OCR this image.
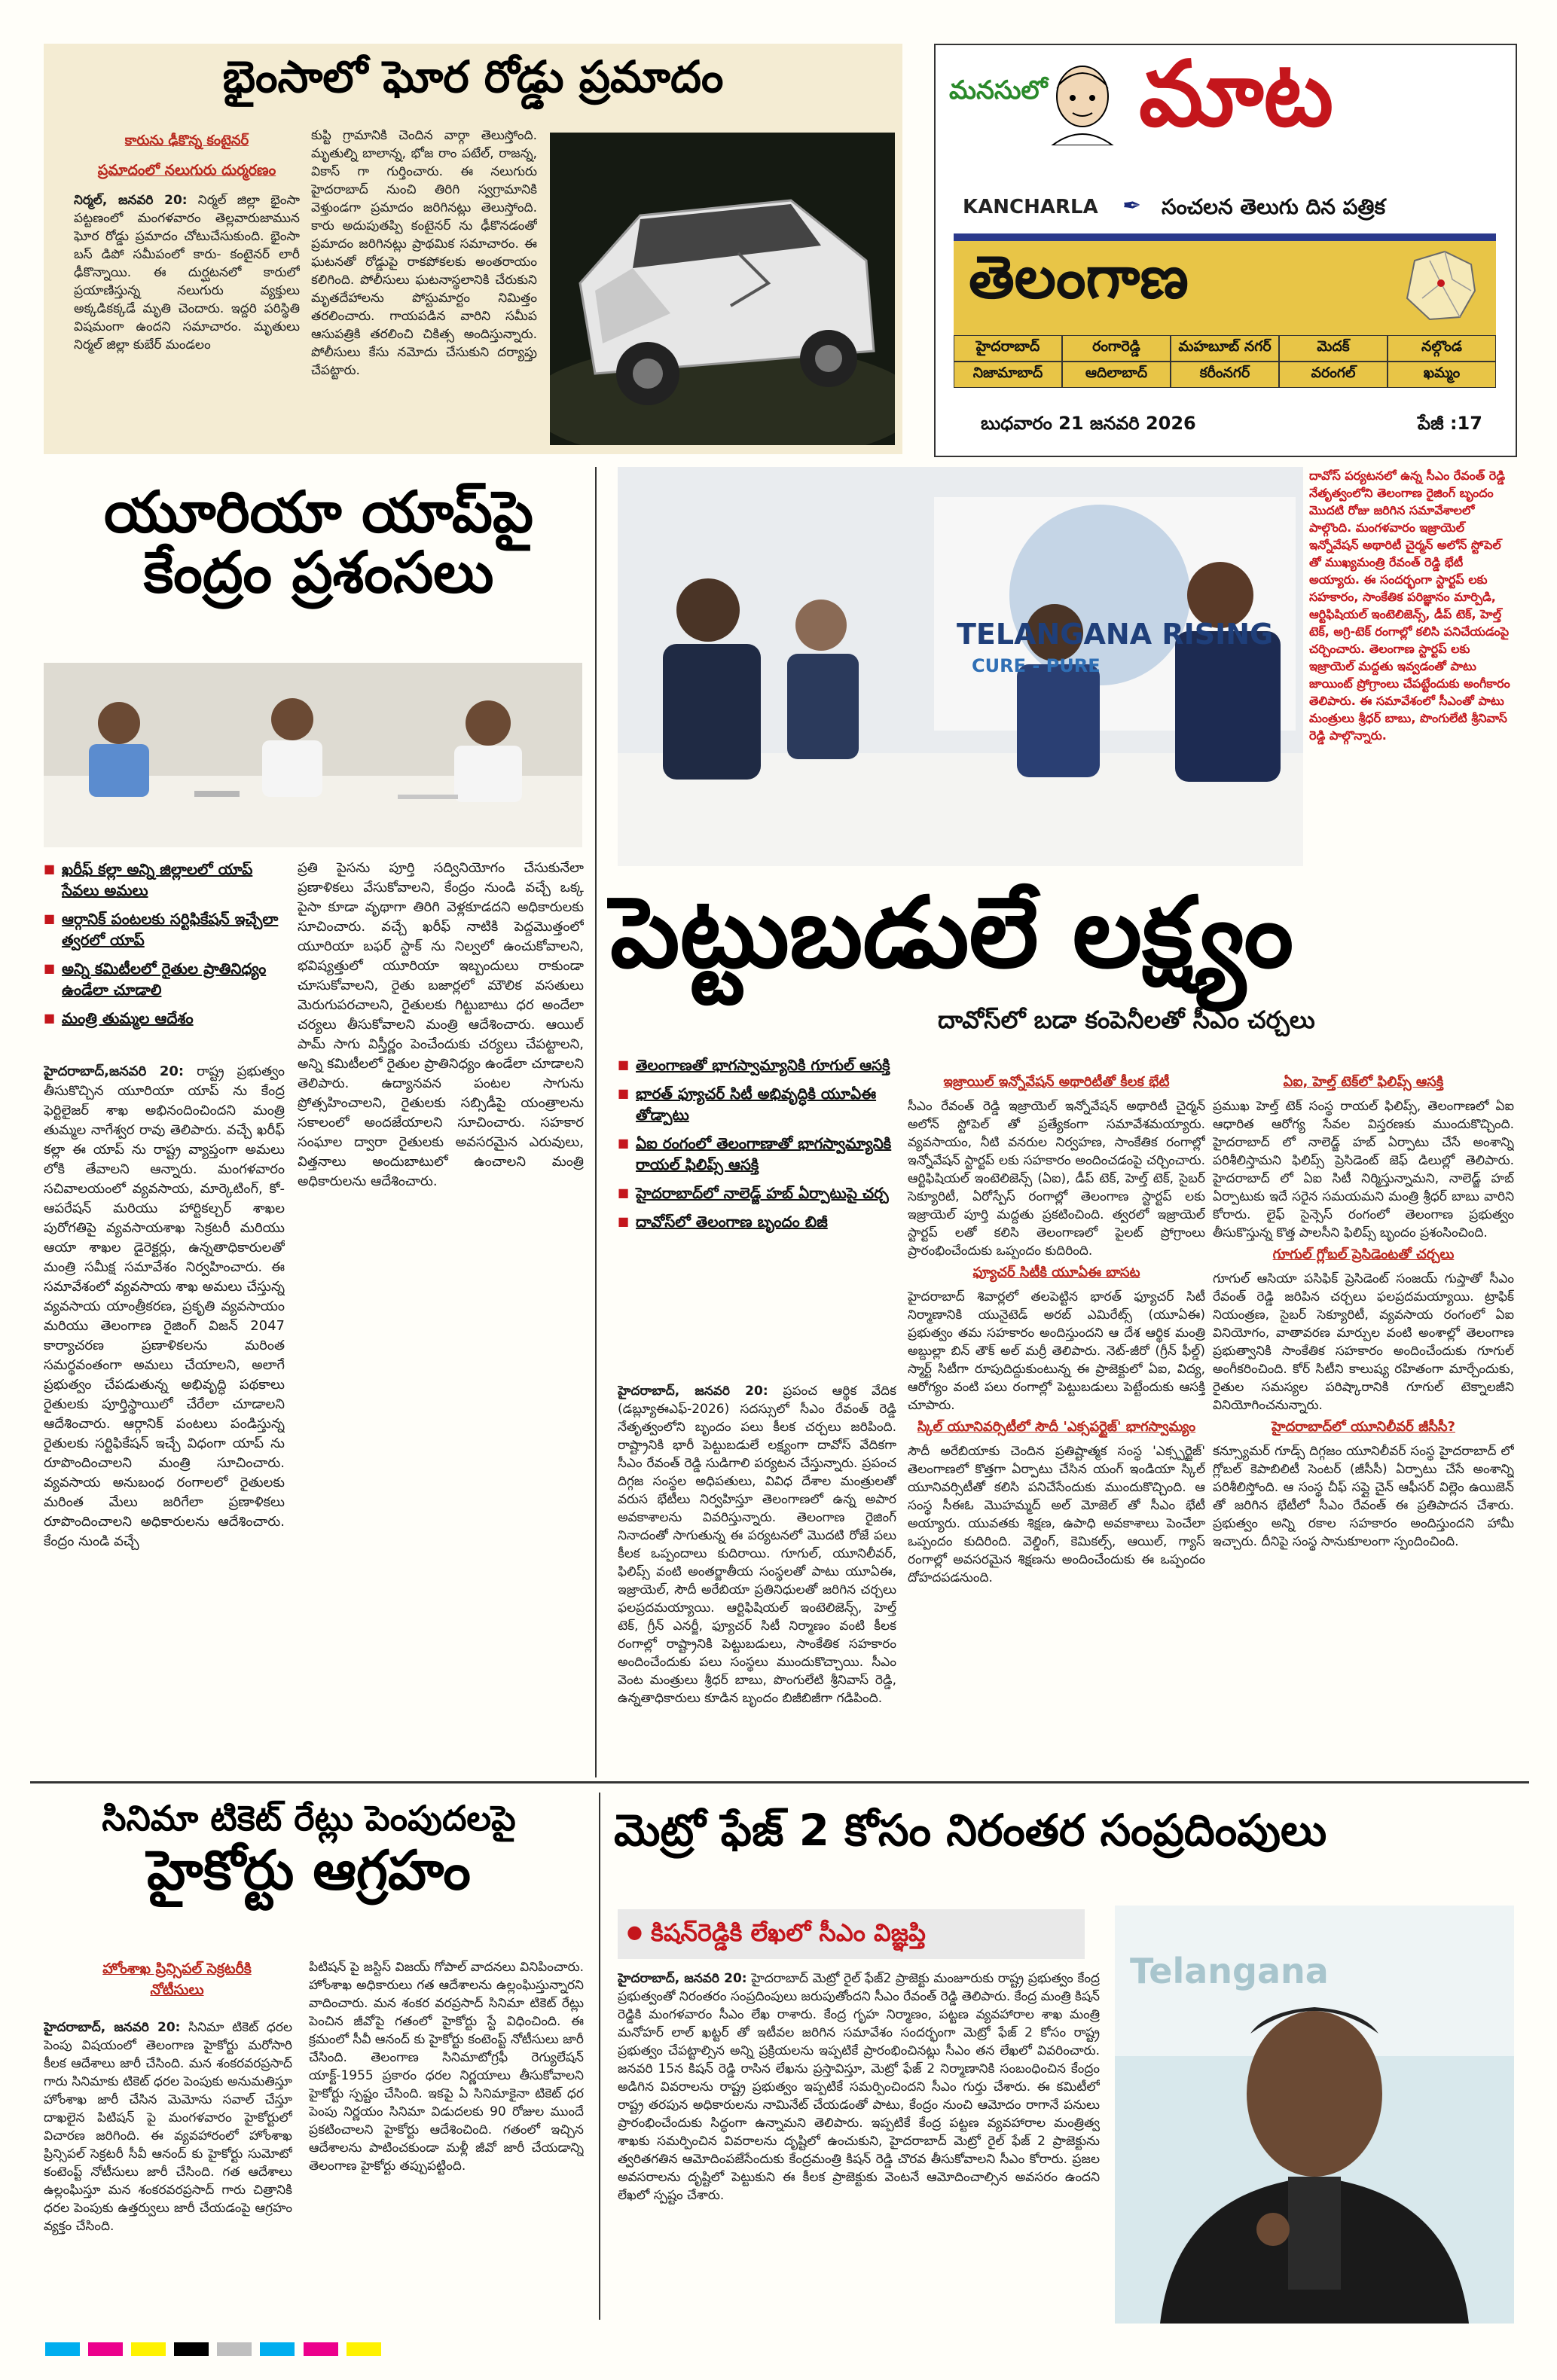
భైంసాలో ఘోర రోడ్డు ప్రమాదం
కారును ఢీకొన్న కంటైనర్
ప్రమాదంలో నలుగురు దుర్మరణం
నిర్మల్, జనవరి 20: నిర్మల్ జిల్లా భైంసా పట్టణంలో మంగళవారం తెల్లవారుజామున ఘోర రోడ్డు ప్రమాదం చోటుచేసుకుంది. భైంసా బస్ డిపో సమీపంలో కారు- కంటైనర్ లారీ ఢీకొన్నాయి. ఈ దుర్ఘటనలో కారులో ప్రయాణిస్తున్న నలుగురు వ్యక్తులు అక్కడికక్కడే మృతి చెందారు. ఇద్దరి పరిస్థితి విషమంగా ఉందని సమాచారం. మృతులు నిర్మల్ జిల్లా కుబేర్ మండలం
కుప్టి గ్రామానికి చెందిన వార్గా తెలుస్తోంది. మృతుల్ని బాలాన్న, భోజ రాం పటేల్, రాజన్న, వికాస్ గా గుర్తించారు. ఈ నలుగురు హైదరాబాద్ నుంచి తిరిగి స్వగ్రామానికి వెళ్తుండగా ప్రమాదం జరిగినట్లు తెలుస్తోంది. కారు అదుపుతప్పి కంటైనర్ ను ఢీకొనడంతో ప్రమాదం జరిగినట్లు ప్రాథమిక సమాచారం. ఈ ఘటనతో రోడ్డుపై రాకపోకలకు అంతరాయం కలిగింది. పోలీసులు ఘటనాస్థలానికి చేరుకుని మృతదేహాలను పోస్టుమార్టం నిమిత్తం తరలించారు. గాయపడిన వారిని సమీప ఆసుపత్రికి తరలించి చికిత్స అందిస్తున్నారు. పోలీసులు కేసు నమోదు చేసుకుని దర్యాప్తు చేపట్టారు.
మనసులో మాట
KANCHARLA	సంచలన తెలుగు దిన పత్రిక
✒
తెలంగాణ
హైదరాబాద్	రంగారెడ్డి	మహబూబ్ నగర్	మెదక్	నల్గొండ
నిజామాబాద్	ఆదిలాబాద్	కరీంనగర్	వరంగల్	ఖమ్మం
బుధవారం 21 జనవరి 2026	పేజీ :17
యూరియా యాప్‌పై
కేంద్రం ప్రశంసలు
■ ఖరీఫ్ కల్లా అన్ని జిల్లాలలో యాప్ సేవలు అమలు
■ ఆర్గానిక్ పంటలకు సర్టిఫికేషన్ ఇచ్చేలా త్వరలో యాప్
■ అన్ని కమిటీలలో రైతుల ప్రాతినిధ్యం ఉండేలా చూడాలి
■ మంత్రి తుమ్మల ఆదేశం
హైదరాబాద్,జనవరి 20: రాష్ట్ర ప్రభుత్వం తీసుకొచ్చిన యూరియా యాప్ ను కేంద్ర ఫెర్టిలైజర్ శాఖ అభినందించిందని మంత్రి తుమ్మల నాగేశ్వర రావు తెలిపారు. వచ్చే ఖరీఫ్ కల్లా ఈ యాప్ ను రాష్ట్ర వ్యాప్తంగా అమలు లోకి తేవాలని ఆన్నారు. మంగళవారం సచివాలయంలో వ్యవసాయ, మార్కెటింగ్, కో-ఆపరేషన్ మరియు హార్టికల్చర్ శాఖల పురోగతిపై వ్యవసాయశాఖ సెక్రటరీ మరియు ఆయా శాఖల డైరెక్టర్లు, ఉన్నతాధికారులతో మంత్రి సమీక్ష సమావేశం నిర్వహించారు. ఈ సమావేశంలో వ్యవసాయ శాఖ అమలు చేస్తున్న వ్యవసాయ యాంత్రీకరణ, ప్రకృతి వ్యవసాయం మరియు తెలంగాణ రైజింగ్ విజన్ 2047 కార్యాచరణ ప్రణాళికలను మరింత సమర్థవంతంగా అమలు చేయాలని, అలాగే ప్రభుత్వం చేపడుతున్న అభివృద్ధి పథకాలు రైతులకు పూర్తిస్థాయిలో చేరేలా చూడాలని ఆదేశించారు. ఆర్గానిక్ పంటలు పండిస్తున్న రైతులకు సర్టిఫికేషన్ ఇచ్చే విధంగా యాప్ ను రూపొందించాలని మంత్రి సూచించారు. వ్యవసాయ అనుబంధ రంగాలలో రైతులకు మరింత మేలు జరిగేలా ప్రణాళికలు రూపొందించాలని అధికారులను ఆదేశించారు. కేంద్రం నుండి వచ్చే
ప్రతి పైసను పూర్తి సద్వినియోగం చేసుకునేలా ప్రణాళికలు వేసుకోవాలని, కేంద్రం నుండి వచ్చే ఒక్క పైసా కూడా వృథాగా తిరిగి వెళ్లకూడదని అధికారులకు సూచించారు. వచ్చే ఖరీఫ్ నాటికి పెద్దమొత్తంలో యూరియా బఫర్ స్టాక్ ను నిల్వలో ఉంచుకోవాలని, భవిష్యత్తులో యూరియా ఇబ్బందులు రాకుండా చూసుకోవాలని, రైతు బజార్లలో మౌలిక వసతులు మెరుగుపరచాలని, రైతులకు గిట్టుబాటు ధర అందేలా చర్యలు తీసుకోవాలని మంత్రి ఆదేశించారు. ఆయిల్ పామ్ సాగు విస్తీర్ణం పెంచేందుకు చర్యలు చేపట్టాలని, అన్ని కమిటీలలో రైతుల ప్రాతినిధ్యం ఉండేలా చూడాలని తెలిపారు. ఉద్యానవన పంటల సాగును ప్రోత్సహించాలని, రైతులకు సబ్సిడీపై యంత్రాలను సకాలంలో అందజేయాలని సూచించారు. సహకార సంఘాల ద్వారా రైతులకు అవసరమైన ఎరువులు, విత్తనాలు అందుబాటులో ఉంచాలని మంత్రి అధికారులను ఆదేశించారు.
TELANGANA RISING
CURE - PURE
దావోస్ పర్యటనలో ఉన్న సీఎం రేవంత్ రెడ్డి నేతృత్వంలోని తెలంగాణ రైజింగ్ బృందం మొదటి రోజు జరిగిన సమావేశాలలో పాల్గొంది. మంగళవారం ఇజ్రాయెల్ ఇన్నోవేషన్ అథారిటీ చైర్మన్ అలోన్ స్టోపెల్ తో ముఖ్యమంత్రి రేవంత్ రెడ్డి భేటీ అయ్యారు. ఈ సందర్భంగా స్టార్టప్ లకు సహకారం, సాంకేతిక పరిజ్ఞానం మార్పిడి, ఆర్టిఫిషియల్ ఇంటెలిజెన్స్, డీప్ టెక్, హెల్త్ టెక్, అగ్రి-టెక్ రంగాల్లో కలిసి పనిచేయడంపై చర్చించారు. తెలంగాణ స్టార్టప్ లకు ఇజ్రాయెల్ మద్దతు ఇవ్వడంతో పాటు జాయింట్ ప్రోగ్రాంలు చేపట్టేందుకు అంగీకారం తెలిపారు. ఈ సమావేశంలో సీఎంతో పాటు మంత్రులు శ్రీధర్ బాబు, పొంగులేటి శ్రీనివాస్ రెడ్డి పాల్గొన్నారు.
పెట్టుబడులే లక్ష్యం
దావోస్‌లో బడా కంపెనీలతో సీఎం చర్చలు
■ తెలంగాణతో భాగస్వామ్యానికి గూగుల్ ఆసక్తి
■ భారత్ ఫ్యూచర్ సిటీ అభివృద్ధికి యూఏఈ తోడ్పాటు
■ ఏఐ రంగంలో తెలంగాణాతో భాగస్వామ్యానికి రాయల్ ఫిలిప్స్ ఆసక్తి
■ హైదరాబాద్‌లో నాలెడ్జ్ హబ్ ఏర్పాటుపై చర్చ
■ దావోస్‌లో తెలంగాణ బృందం బిజీ
హైదరాబాద్, జనవరి 20: ప్రపంచ ఆర్థిక వేదిక (డబ్ల్యూఈఎఫ్-2026) సదస్సులో సీఎం రేవంత్ రెడ్డి నేతృత్వంలోని బృందం పలు కీలక చర్చలు జరిపింది. రాష్ట్రానికి భారీ పెట్టుబడులే లక్ష్యంగా దావోస్ వేదికగా సీఎం రేవంత్ రెడ్డి సుడిగాలి పర్యటన చేస్తున్నారు. ప్రపంచ దిగ్గజ సంస్థల అధిపతులు, వివిధ దేశాల మంత్రులతో వరుస భేటీలు నిర్వహిస్తూ తెలంగాణలో ఉన్న అపార అవకాశాలను వివరిస్తున్నారు. తెలంగాణ రైజింగ్ నినాదంతో సాగుతున్న ఈ పర్యటనలో మొదటి రోజే పలు కీలక ఒప్పందాలు కుదిరాయి. గూగుల్, యూనిలీవర్, ఫిలిప్స్ వంటి అంతర్జాతీయ సంస్థలతో పాటు యూఏఈ, ఇజ్రాయెల్, సౌదీ అరేబియా ప్రతినిధులతో జరిగిన చర్చలు ఫలప్రదమయ్యాయి. ఆర్టిఫిషియల్ ఇంటెలిజెన్స్, హెల్త్ టెక్, గ్రీన్ ఎనర్జీ, ఫ్యూచర్ సిటీ నిర్మాణం వంటి కీలక రంగాల్లో రాష్ట్రానికి పెట్టుబడులు, సాంకేతిక సహకారం అందించేందుకు పలు సంస్థలు ముందుకొచ్చాయి. సీఎం వెంట మంత్రులు శ్రీధర్ బాబు, పొంగులేటి శ్రీనివాస్ రెడ్డి, ఉన్నతాధికారులు కూడిన బృందం బిజీబిజీగా గడిపింది.
ఇజ్రాయిల్ ఇన్నోవేషన్ అథారిటీతో కీలక భేటీ
సీఎం రేవంత్ రెడ్డి ఇజ్రాయెల్ ఇన్నోవేషన్ అథారిటీ చైర్మన్ అలోన్ స్టోపెల్ తో ప్రత్యేకంగా సమావేశమయ్యారు. వ్యవసాయం, నీటి వనరుల నిర్వహణ, సాంకేతిక రంగాల్లో ఇన్నోవేషన్ స్టార్టప్ లకు సహకారం అందించడంపై చర్చించారు. ఆర్టిఫిషియల్ ఇంటెలిజెన్స్ (ఏఐ), డీప్ టెక్, హెల్త్ టెక్, సైబర్ సెక్యూరిటీ, ఏరోస్పేస్ రంగాల్లో తెలంగాణ స్టార్టప్ లకు ఇజ్రాయెల్ పూర్తి మద్దతు ప్రకటించింది. త్వరలో ఇజ్రాయెల్ స్టార్టప్ లతో కలిసి తెలంగాణలో పైలట్ ప్రోగ్రాంలు ప్రారంభించేందుకు ఒప్పందం కుదిరింది.
ఫ్యూచర్ సిటీకి యూఏఈ బాసట
హైదరాబాద్ శివార్లలో తలపెట్టిన భారత్ ఫ్యూచర్ సిటీ నిర్మాణానికి యునైటెడ్ అరబ్ ఎమిరేట్స్ (యూఏఈ) ప్రభుత్వం తమ సహకారం అందిస్తుందని ఆ దేశ ఆర్థిక మంత్రి అబ్దుల్లా బిన్ తౌక్ అల్ మర్రీ తెలిపారు. నెట్-జీరో (గ్రీన్ ఫీల్డ్) స్మార్ట్ సిటీగా రూపుదిద్దుకుంటున్న ఈ ప్రాజెక్టులో ఏఐ, విద్య, ఆరోగ్యం వంటి పలు రంగాల్లో పెట్టుబడులు పెట్టేందుకు ఆసక్తి చూపారు.
స్కిల్ యూనివర్సిటీలో సౌదీ 'ఎక్సపర్టైజ్' భాగస్వామ్యం
సౌదీ అరేబియాకు చెందిన ప్రతిష్టాత్మక సంస్థ 'ఎక్స్పర్టైజ్' తెలంగాణలో కొత్తగా ఏర్పాటు చేసిన యంగ్ ఇండియా స్కిల్ యూనివర్సిటీతో కలిసి పనిచేసేందుకు ముందుకొచ్చింది. ఆ సంస్థ సీఈఓ మొహమ్మద్ అల్ మోజెల్ తో సీఎం భేటీ అయ్యారు. యువతకు శిక్షణ, ఉపాధి అవకాశాలు పెంచేలా ఒప్పందం కుదిరింది. వెల్డింగ్, కెమికల్స్, ఆయిల్, గ్యాస్ రంగాల్లో అవసరమైన శిక్షణను అందించేందుకు ఈ ఒప్పందం దోహదపడనుంది.
ఏఐ, హెల్త్ టెక్‌లో ఫిలిప్స్ ఆసక్తి
ప్రముఖ హెల్త్ టెక్ సంస్థ రాయల్ ఫిలిప్స్, తెలంగాణలో ఏఐ ఆధారిత ఆరోగ్య సేవల విస్తరణకు ముందుకొచ్చింది. హైదరాబాద్ లో నాలెడ్జ్ హబ్ ఏర్పాటు చేసే అంశాన్ని పరిశీలిస్తామని ఫిలిప్స్ ప్రెసిడెంట్ జెఫ్ డిలుల్లో తెలిపారు. హైదరాబాద్ లో ఏఐ సిటీ నిర్మిస్తున్నామని, నాలెడ్జ్ హబ్ ఏర్పాటుకు ఇదే సరైన సమయమని మంత్రి శ్రీధర్ బాబు వారిని కోరారు. లైఫ్ సైన్సెస్ రంగంలో తెలంగాణ ప్రభుత్వం తీసుకొస్తున్న కొత్త పాలసీని ఫిలిప్స్ బృందం ప్రశంసించింది.
గూగుల్ గ్లోబల్ ప్రెసిడెంటతో చర్చలు
గూగుల్ ఆసియా పసిఫిక్ ప్రెసిడెంట్ సంజయ్ గుప్తాతో సీఎం రేవంత్ రెడ్డి జరిపిన చర్చలు ఫలప్రదమయ్యాయి. ట్రాఫిక్ నియంత్రణ, సైబర్ సెక్యూరిటీ, వ్యవసాయ రంగంలో ఏఐ వినియోగం, వాతావరణ మార్పుల వంటి అంశాల్లో తెలంగాణ ప్రభుత్వానికి సాంకేతిక సహకారం అందించేందుకు గూగుల్ అంగీకరించింది. కోర్ సిటీని కాలుష్య రహితంగా మార్చేందుకు, రైతుల సమస్యల పరిష్కారానికి గూగుల్ టెక్నాలజీని వినియోగించనున్నారు.
హైదరాబాద్‌లో యూనిలీవర్ జీసీసీ?
కన్స్యూమర్ గూడ్స్ దిగ్గజం యూనిలీవర్ సంస్థ హైదరాబాద్ లో గ్లోబల్ కెపాబిలిటీ సెంటర్ (జీసీసీ) ఏర్పాటు చేసే అంశాన్ని పరిశీలిస్తోంది. ఆ సంస్థ చీఫ్ సప్లై చైన్ ఆఫీసర్ విల్లెం ఉయిజెన్ తో జరిగిన భేటీలో సీఎం రేవంత్ ఈ ప్రతిపాదన చేశారు. ప్రభుత్వం అన్ని రకాల సహకారం అందిస్తుందని హామీ ఇచ్చారు. దీనిపై సంస్థ సానుకూలంగా స్పందించింది.
సినిమా టికెట్ రేట్లు పెంపుదలపై
హైకోర్టు ఆగ్రహం
హోంశాఖ ప్రిన్సిపల్ సెక్రటరీకి నోటీసులు
హైదరాబాద్, జనవరి 20: సినిమా టికెట్ ధరల పెంపు విషయంలో తెలంగాణ హైకోర్టు మరోసారి కీలక ఆదేశాలు జారీ చేసింది. మన శంకరవరప్రసాద్ గారు సినిమాకు టికెట్ ధరల పెంపుకు అనుమతిస్తూ హోంశాఖ జారీ చేసిన మెమోను సవాల్ చేస్తూ దాఖలైన పిటిషన్ పై మంగళవారం హైకోర్టులో విచారణ జరిగింది. ఈ వ్యవహారంలో హోంశాఖ ప్రిన్సిపల్ సెక్రటరీ సీవీ ఆనంద్ కు హైకోర్టు సుమోటో కంటెంప్ట్ నోటీసులు జారీ చేసింది. గత ఆదేశాలు ఉల్లంఘిస్తూ మన శంకరవరప్రసాద్ గారు చిత్రానికి ధరల పెంపుకు ఉత్తర్వులు జారీ చేయడంపై ఆగ్రహం వ్యక్తం చేసింది.
పిటిషన్ పై జస్టిస్ విజయ్ గోపాల్ వాదనలు వినిపించారు. హోంశాఖ అధికారులు గత ఆదేశాలను ఉల్లంఘిస్తున్నారని వాదించారు. మన శంకర వరప్రసాద్ సినిమా టికెట్ రేట్లు పెంచిన జీవోపై గతంలో హైకోర్టు స్టే విధించింది. ఈ క్రమంలో సీవీ ఆనంద్ కు హైకోర్టు కంటెంప్ట్ నోటీసులు జారీ చేసింది. తెలంగాణ సినిమాటోగ్రఫీ రెగ్యులేషన్ యాక్ట్-1955 ప్రకారం ధరల నిర్ణయాలు తీసుకోవాలని హైకోర్టు స్పష్టం చేసింది. ఇకపై ఏ సినిమాకైనా టికెట్ ధర పెంపు నిర్ణయం సినిమా విడుదలకు 90 రోజుల ముందే ప్రకటించాలని హైకోర్టు ఆదేశించింది. గతంలో ఇచ్చిన ఆదేశాలను పాటించకుండా మళ్లీ జీవో జారీ చేయడాన్ని తెలంగాణ హైకోర్టు తప్పుపట్టింది.
మెట్రో ఫేజ్ 2 కోసం నిరంతర సంప్రదింపులు
● కిషన్‌రెడ్డికి లేఖలో సీఎం విజ్ఞప్తి
హైదరాబాద్, జనవరి 20: హైదరాబాద్ మెట్రో రైల్ ఫేజ్2 ప్రాజెక్టు మంజూరుకు రాష్ట్ర ప్రభుత్వం కేంద్ర ప్రభుత్వంతో నిరంతరం సంప్రదింపులు జరుపుతోందని సీఎం రేవంత్ రెడ్డి తెలిపారు. కేంద్ర మంత్రి కిషన్ రెడ్డికి మంగళవారం సీఎం లేఖ రాశారు. కేంద్ర గృహ నిర్మాణం, పట్టణ వ్యవహారాల శాఖ మంత్రి మనోహర్ లాల్ ఖట్టర్ తో ఇటీవల జరిగిన సమావేశం సందర్భంగా మెట్రో ఫేజ్ 2 కోసం రాష్ట్ర ప్రభుత్వం చేపట్టాల్సిన అన్ని ప్రక్రియలను ఇప్పటికే ప్రారంభించినట్లు సీఎం తన లేఖలో వివరించారు. జనవరి 15న కిషన్ రెడ్డి రాసిన లేఖను ప్రస్తావిస్తూ, మెట్రో ఫేజ్ 2 నిర్మాణానికి సంబంధించిన కేంద్రం అడిగిన వివరాలను రాష్ట్ర ప్రభుత్వం ఇప్పటికే సమర్పించిందని సీఎం గుర్తు చేశారు. ఈ కమిటీలో రాష్ట్ర తరపున అధికారులను నామినేట్ చేయడంతో పాటు, కేంద్రం నుంచి ఆమోదం రాగానే పనులు ప్రారంభించేందుకు సిద్ధంగా ఉన్నామని తెలిపారు. ఇప్పటికే కేంద్ర పట్టణ వ్యవహారాల మంత్రిత్వ శాఖకు సమర్పించిన వివరాలను దృష్టిలో ఉంచుకుని, హైదరాబాద్ మెట్రో రైల్ ఫేజ్ 2 ప్రాజెక్టును త్వరితగతిన ఆమోదింపజేసేందుకు కేంద్రమంత్రి కిషన్ రెడ్డి చొరవ తీసుకోవాలని సీఎం కోరారు. ప్రజల అవసరాలను దృష్టిలో పెట్టుకుని ఈ కీలక ప్రాజెక్టుకు వెంటనే ఆమోదించాల్సిన అవసరం ఉందని లేఖలో స్పష్టం చేశారు.
Telangana
